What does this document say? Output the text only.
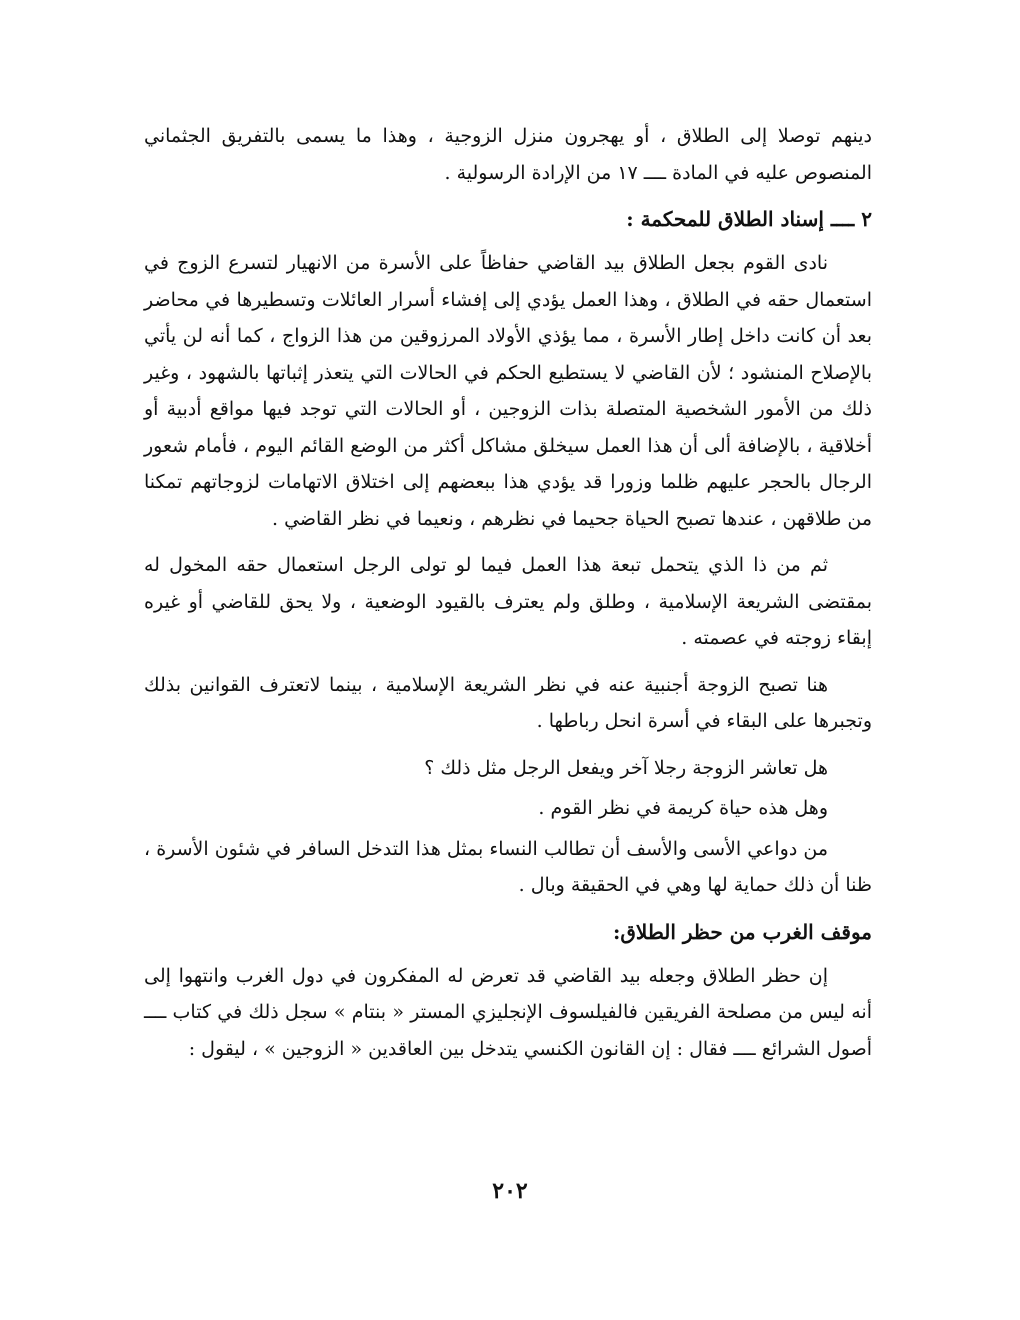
دينهم توصلا إلى الطلاق ، أو يهجرون منزل الزوجية ، وهذا ما يسمى بالتفريق الجثماني المنصوص عليه في المادة ــــ ١٧ من الإرادة الرسولية .

٢ ــــ إسناد الطلاق للمحكمة :

نادى القوم بجعل الطلاق بيد القاضي حفاظاً على الأسرة من الانهيار لتسرع الزوج في استعمال حقه في الطلاق ، وهذا العمل يؤدي إلى إفشاء أسرار العائلات وتسطيرها في محاضر بعد أن كانت داخل إطار الأسرة ، مما يؤذي الأولاد المرزوقين من هذا الزواج ، كما أنه لن يأتي بالإصلاح المنشود ؛ لأن القاضي لا يستطيع الحكم في الحالات التي يتعذر إثباتها بالشهود ، وغير ذلك من الأمور الشخصية المتصلة بذات الزوجين ، أو الحالات التي توجد فيها مواقع أدبية أو أخلاقية ، بالإضافة ألى أن هذا العمل سيخلق مشاكل أكثر من الوضع القائم اليوم ، فأمام شعور الرجال بالحجر عليهم ظلما وزورا قد يؤدي هذا ببعضهم إلى اختلاق الاتهامات لزوجاتهم تمكنا من طلاقهن ، عندها تصبح الحياة جحيما في نظرهم ، ونعيما في نظر القاضي .

ثم من ذا الذي يتحمل تبعة هذا العمل فيما لو تولى الرجل استعمال حقه المخول له بمقتضى الشريعة الإسلامية ، وطلق ولم يعترف بالقيود الوضعية ، ولا يحق للقاضي أو غيره إبقاء زوجته في عصمته .

هنا تصبح الزوجة أجنبية عنه في نظر الشريعة الإسلامية ، بينما لاتعترف القوانين بذلك وتجبرها على البقاء في أسرة انحل رباطها .

هل تعاشر الزوجة رجلا آخر ويفعل الرجل مثل ذلك ؟

وهل هذه حياة كريمة في نظر القوم .

من دواعي الأسى والأسف أن تطالب النساء بمثل هذا التدخل السافر في شئون الأسرة ، ظنا أن ذلك حماية لها وهي في الحقيقة وبال .

موقف الغرب من حظر الطلاق:

إن حظر الطلاق وجعله بيد القاضي قد تعرض له المفكرون في دول الغرب وانتهوا إلى أنه ليس من مصلحة الفريقين فالفيلسوف الإنجليزي المستر « بنتام » سجل ذلك في كتاب ــــ أصول الشرائع ــــ فقال : إن القانون الكنسي يتدخل بين العاقدين « الزوجين » ، ليقول :

٢٠٢
